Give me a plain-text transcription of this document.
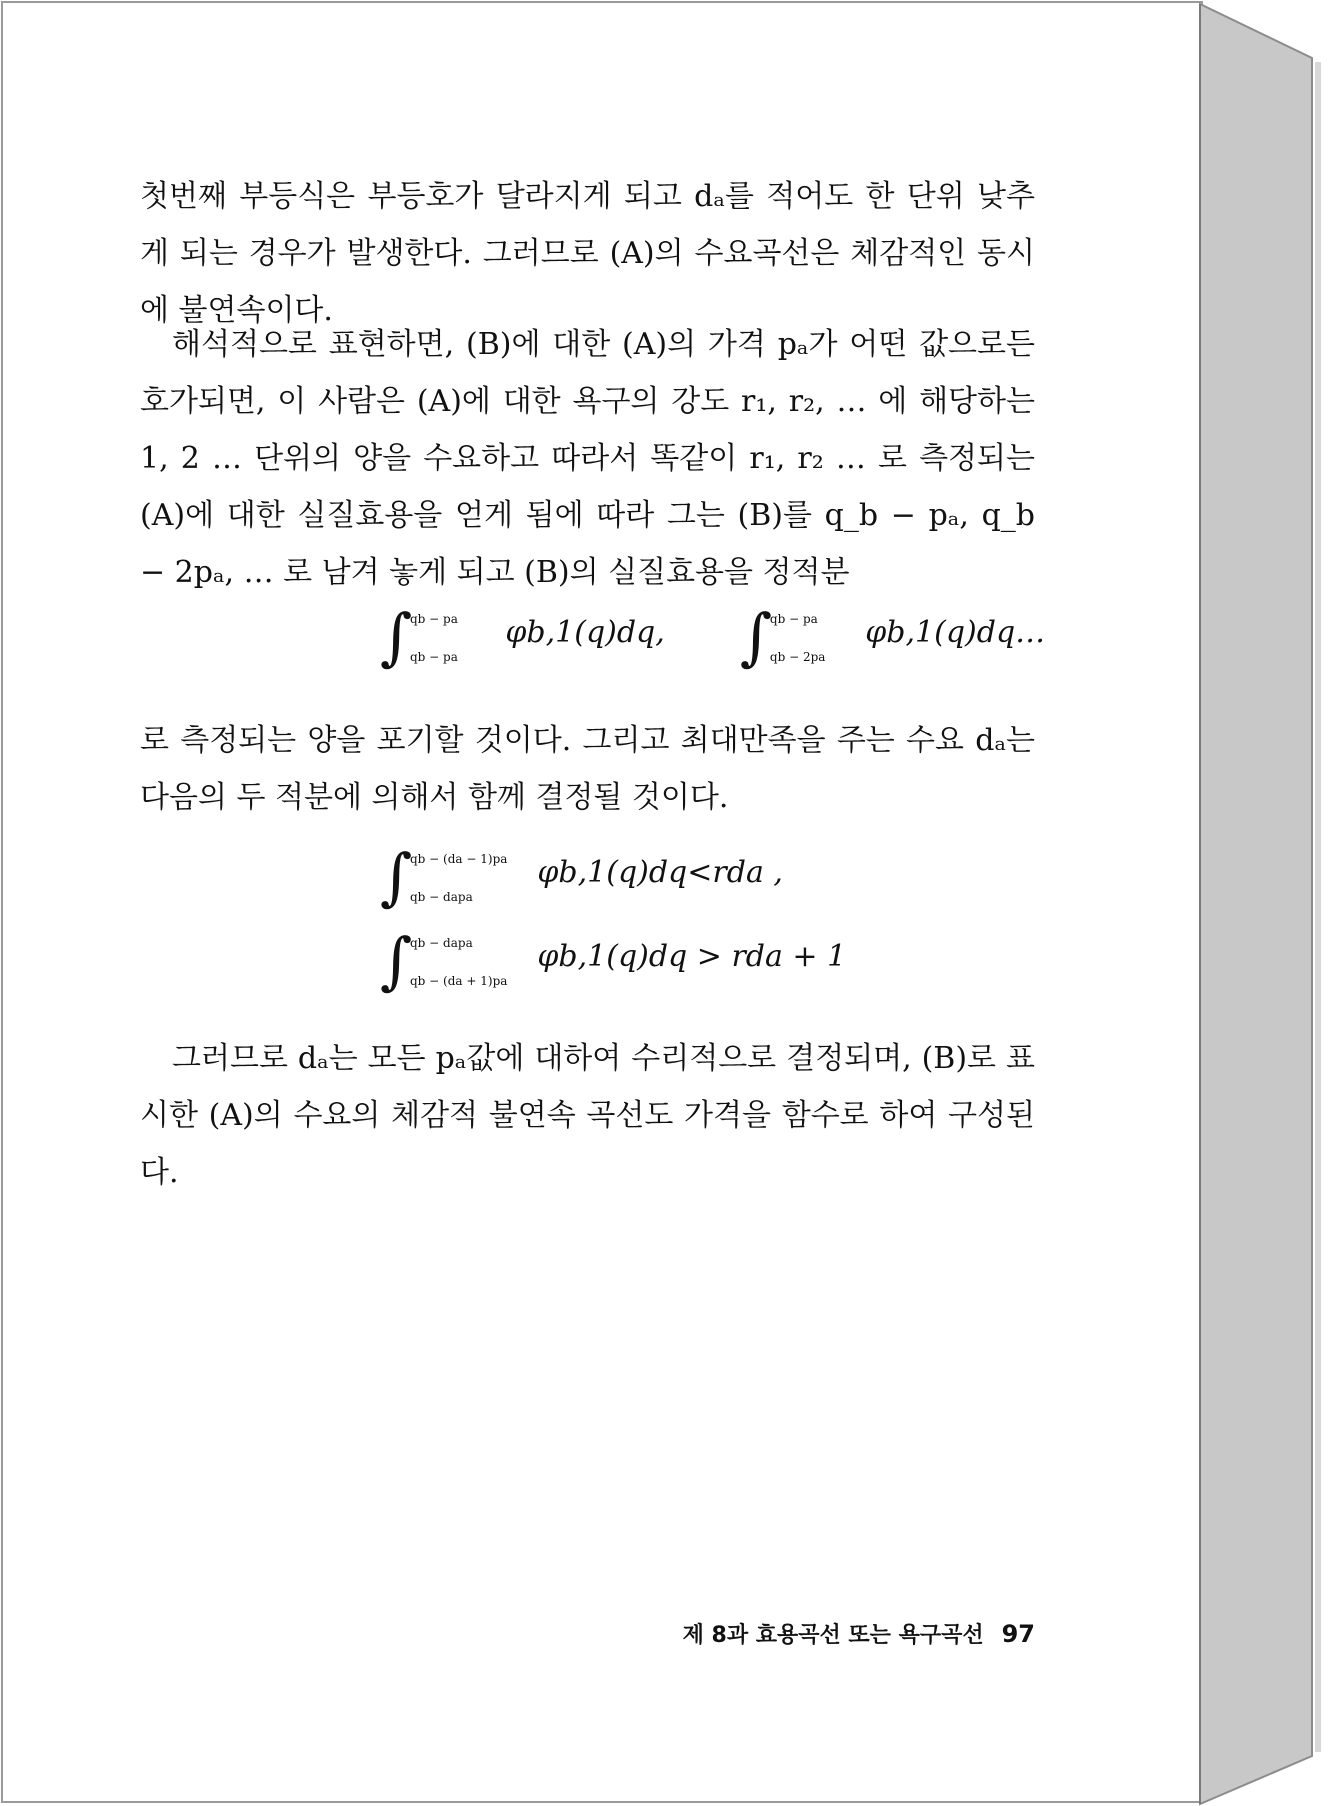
첫번째 부등식은 부등호가 달라지게 되고 dₐ를 적어도 한 단위 낮추게 되는 경우가 발생한다. 그러므로 (A)의 수요곡선은 체감적인 동시에 불연속이다.

해석적으로 표현하면, (B)에 대한 (A)의 가격 pₐ가 어떤 값으로든 호가되면, 이 사람은 (A)에 대한 욕구의 강도 r₁, r₂, … 에 해당하는 1, 2 … 단위의 양을 수요하고 따라서 똑같이 r₁, r₂ … 로 측정되는 (A)에 대한 실질효용을 얻게 됨에 따라 그는 (B)를 q_b − pₐ, q_b − 2pₐ, … 로 남겨 놓게 되고 (B)의 실질효용을 정적분

∫
qb − pa
qb − pa
φb,1(q)dq, ∫
qb − pa
qb − 2pa
φb,1(q)dq…

로 측정되는 양을 포기할 것이다. 그리고 최대만족을 주는 수요 dₐ는 다음의 두 적분에 의해서 함께 결정될 것이다.

∫
qb − (da − 1)pa
qb − dapa
φb,1(q)dq<rda ,
∫
qb − dapa
qb − (da + 1)pa
φb,1(q)dq > rda + 1

그러므로 dₐ는 모든 pₐ값에 대하여 수리적으로 결정되며, (B)로 표시한 (A)의 수요의 체감적 불연속 곡선도 가격을 함수로 하여 구성된다.

제 8과 효용곡선 또는 욕구곡선 97
